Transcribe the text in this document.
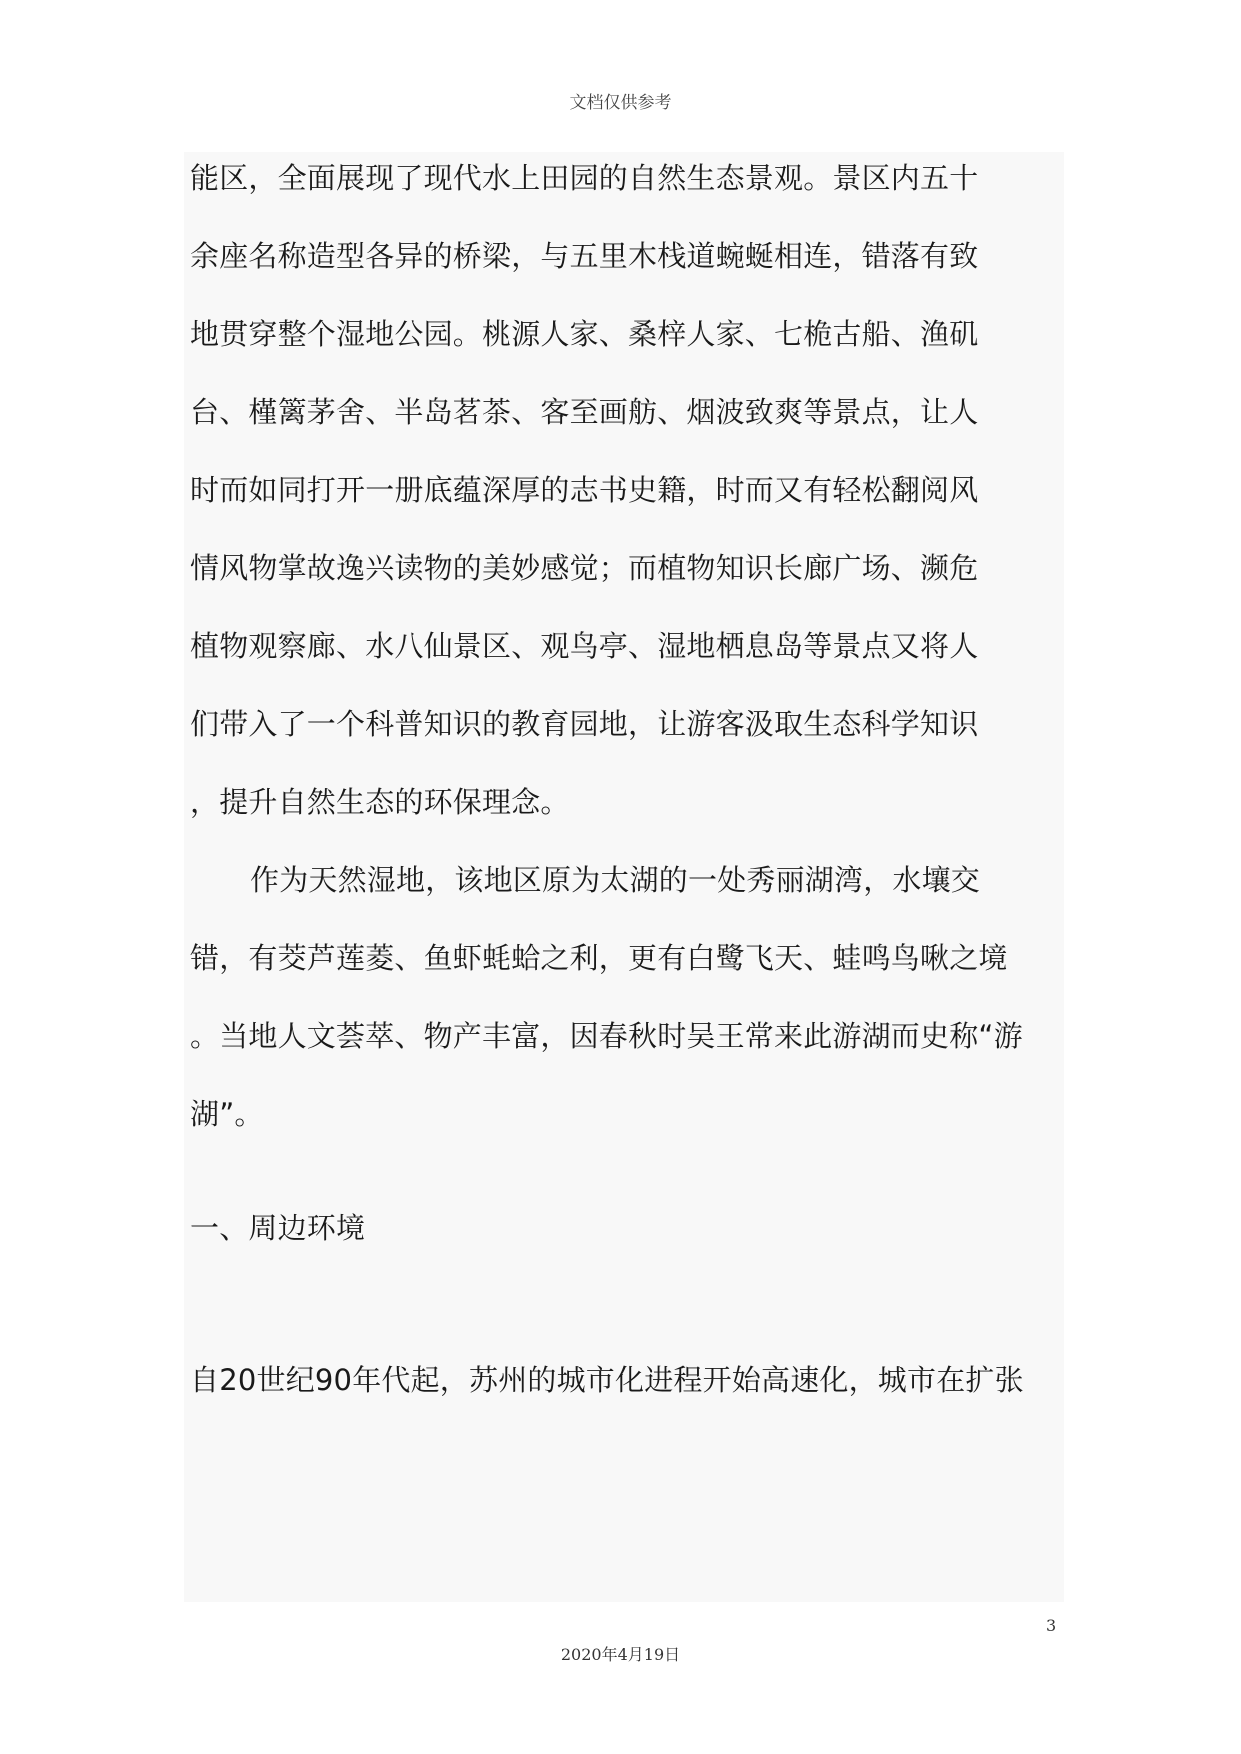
文档仅供参考
能区，全面展现了现代水上田园的自然生态景观。景区内五十
余座名称造型各异的桥梁，与五里木栈道蜿蜒相连，错落有致
地贯穿整个湿地公园。桃源人家、桑梓人家、七桅古船、渔矶
台、槿篱茅舍、半岛茗茶、客至画舫、烟波致爽等景点，让人
时而如同打开一册底蕴深厚的志书史籍，时而又有轻松翻阅风
情风物掌故逸兴读物的美妙感觉；而植物知识长廊广场、濒危
植物观察廊、水八仙景区、观鸟亭、湿地栖息岛等景点又将人
们带入了一个科普知识的教育园地，让游客汲取生态科学知识
，提升自然生态的环保理念。
作为天然湿地，该地区原为太湖的一处秀丽湖湾，水壤交
错，有茭芦莲菱、鱼虾蚝蛤之利，更有白鹭飞天、蛙鸣鸟啾之境
。当地人文荟萃、物产丰富，因春秋时吴王常来此游湖而史称“游
湖”。
一、周边环境
自20世纪90年代起，苏州的城市化进程开始高速化，城市在扩张
3
2020年4月19日
